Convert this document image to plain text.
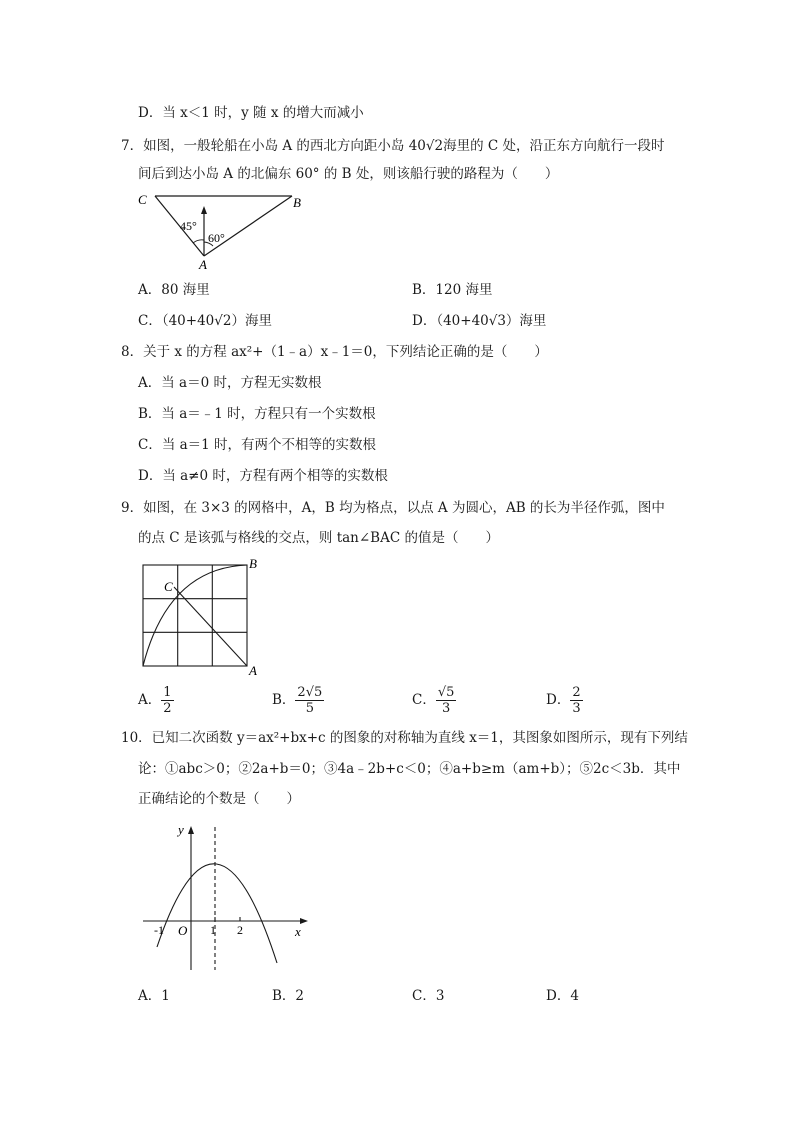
D．当 x＜1 时，y 随 x 的增大而减小
7．如图，一般轮船在小岛 A 的西北方向距小岛 40√2海里的 C 处，沿正东方向航行一段时
间后到达小岛 A 的北偏东 60° 的 B 处，则该船行驶的路程为（　　）
C	B
A
45°
60°
A．80 海里	B．120 海里
C．（40+40√2）海里	D．（40+40√3）海里
8．关于 x 的方程 ax²+（1﹣a）x﹣1＝0，下列结论正确的是（　　）
A．当 a＝0 时，方程无实数根
B．当 a＝﹣1 时，方程只有一个实数根
C．当 a＝1 时，有两个不相等的实数根
D．当 a≠0 时，方程有两个相等的实数根
9．如图，在 3×3 的网格中，A，B 均为格点，以点 A 为圆心，AB 的长为半径作弧，图中
的点 C 是该弧与格线的交点，则 tan∠BAC 的值是（　　）
B
C
A
A． $\frac{1}{2}$	B． $\frac{2√5}{5}$	C． $\frac{√5}{3}$	D． $\frac{2}{3}$
10．已知二次函数 y＝ax²+bx+c 的图象的对称轴为直线 x＝1，其图象如图所示，现有下列结
论：①abc＞0；②2a+b＝0；③4a﹣2b+c＜0；④a+b≥m（am+b）；⑤2c＜3b．其中
正确结论的个数是（　　）
y
x
O
-1	1 2
A．1	B．2	C．3	D．4
